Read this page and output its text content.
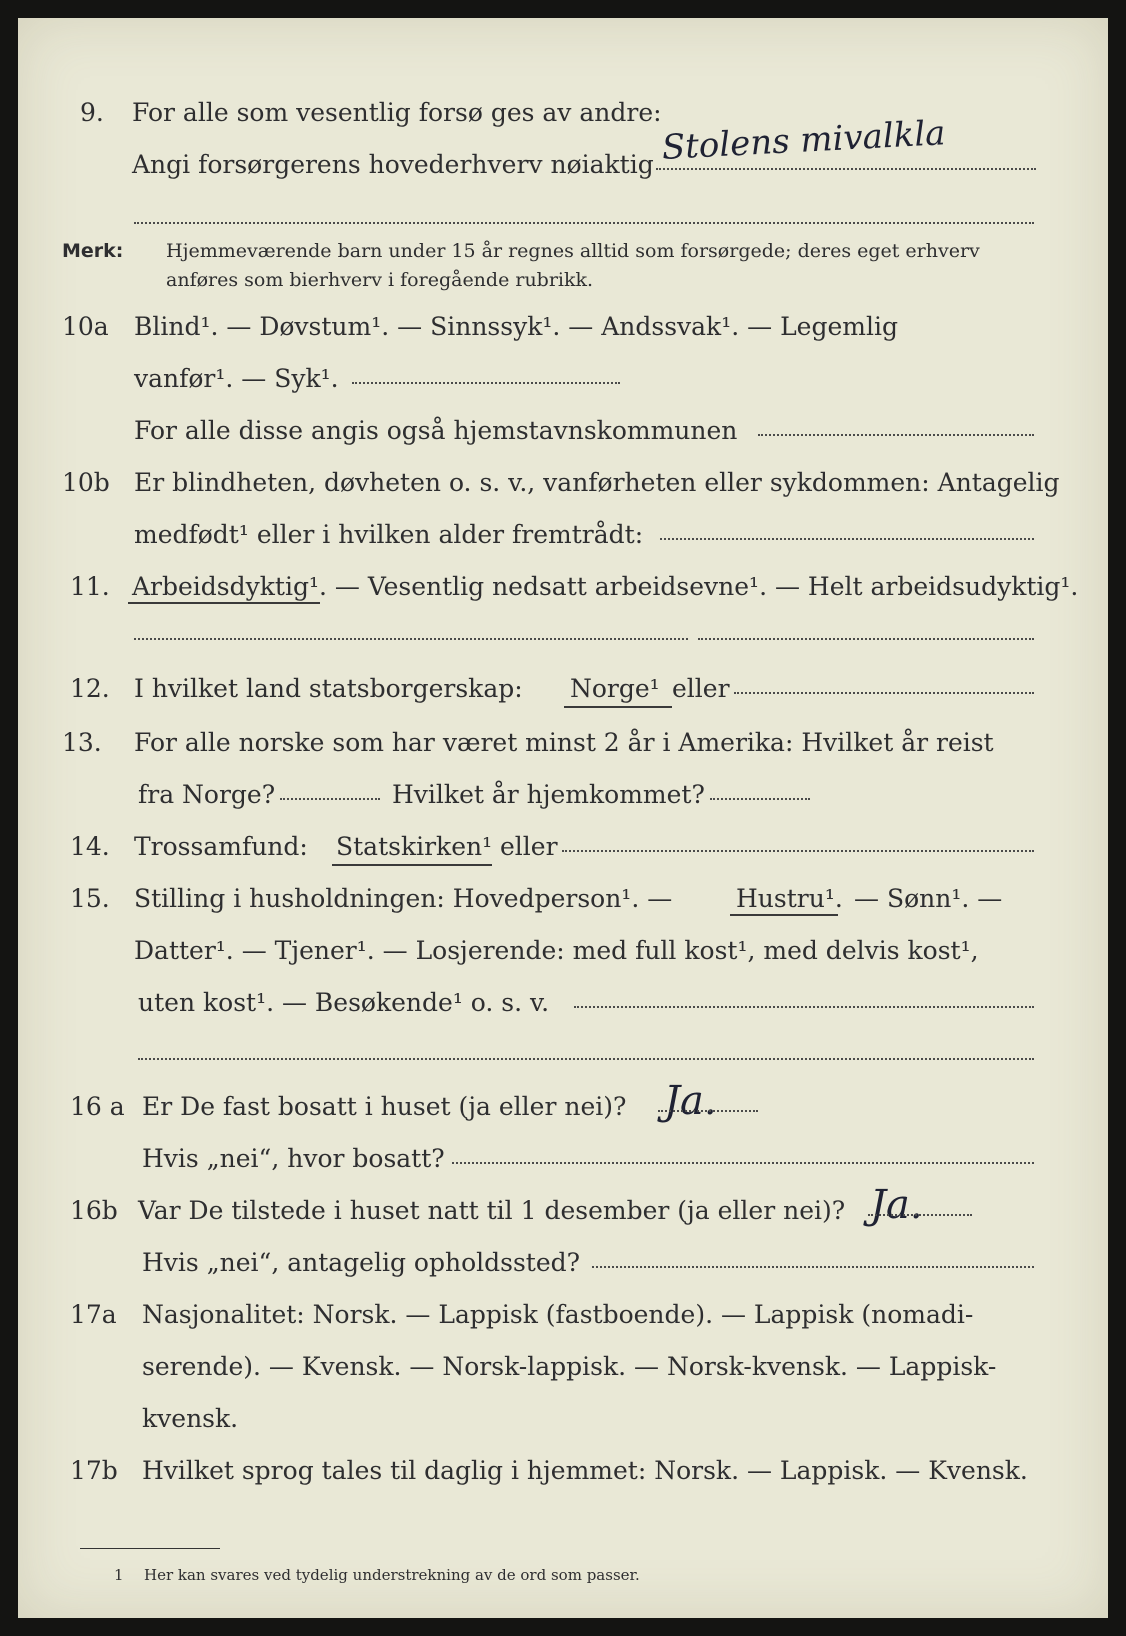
9. For alle som vesentlig forsø ges av andre:
Angi forsørgerens hovederhverv nøiaktig Stolens mivalkla
Merk: Hjemmeværende barn under 15 år regnes alltid som forsørgede; deres eget erhverv
anføres som bierhverv i foregående rubrikk.
10a Blind¹. — Døvstum¹. — Sinnssyk¹. — Andssvak¹. — Legemlig
vanfør¹. — Syk¹.
For alle disse angis også hjemstavnskommunen
10b Er blindheten, døvheten o. s. v., vanførheten eller sykdommen: Antagelig
medfødt¹ eller i hvilken alder fremtrådt:
11. Arbeidsdyktig¹. — Vesentlig nedsatt arbeidsevne¹. — Helt arbeidsudyktig¹.
12. I hvilket land statsborgerskap: Norge¹ eller
13. For alle norske som har været minst 2 år i Amerika: Hvilket år reist
fra Norge?	Hvilket år hjemkommet?
14. Trossamfund: Statskirken¹ eller
15. Stilling i husholdningen: Hovedperson¹. —	Hustru¹. — Sønn¹. —
Datter¹. — Tjener¹. — Losjerende: med full kost¹, med delvis kost¹,
uten kost¹. — Besøkende¹ o. s. v.
16 a Er De fast bosatt i huset (ja eller nei)? Ja.
Hvis „nei“, hvor bosatt?
16b Var De tilstede i huset natt til 1 desember (ja eller nei)? Ja.
Hvis „nei“, antagelig opholdssted?
17a Nasjonalitet: Norsk. — Lappisk (fastboende). — Lappisk (nomadi-
serende). — Kvensk. — Norsk-lappisk. — Norsk-kvensk. — Lappisk-
kvensk.
17b Hvilket sprog tales til daglig i hjemmet: Norsk. — Lappisk. — Kvensk.
1 Her kan svares ved tydelig understrekning av de ord som passer.
